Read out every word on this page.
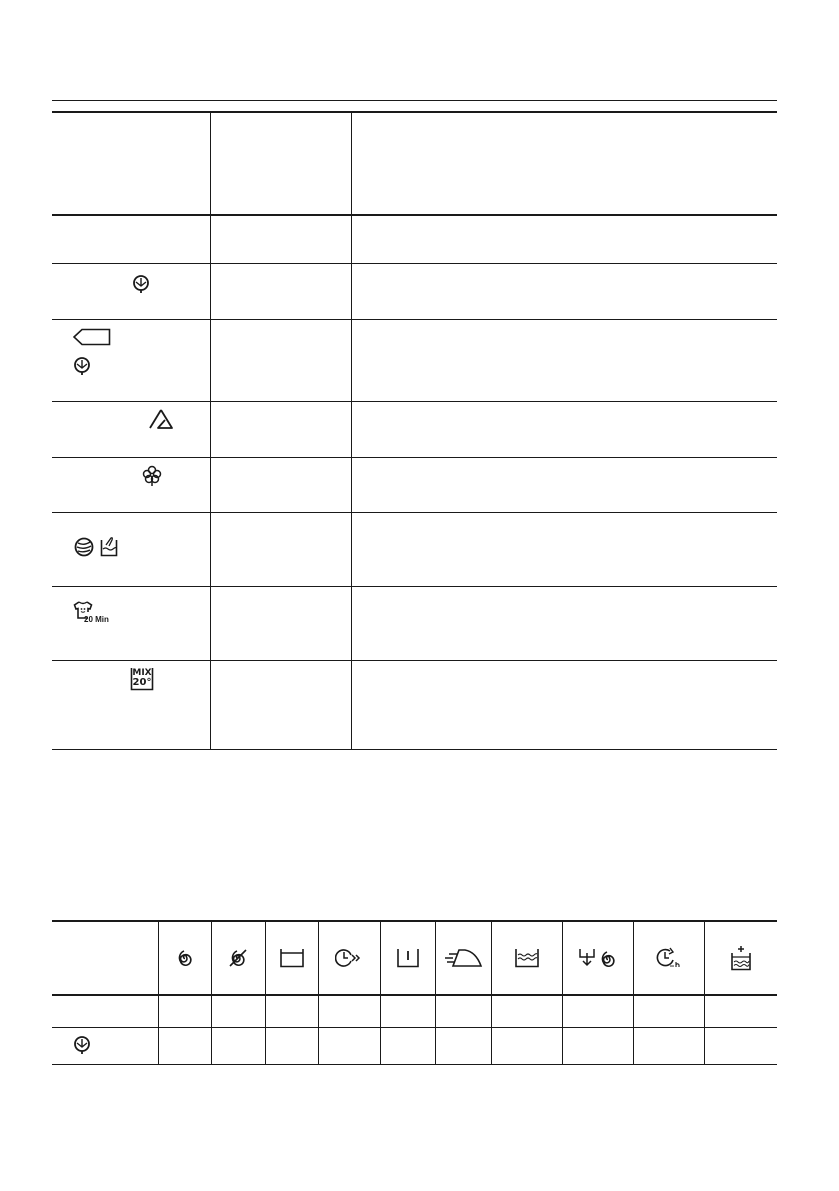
20 Min		

MIX
20°		
